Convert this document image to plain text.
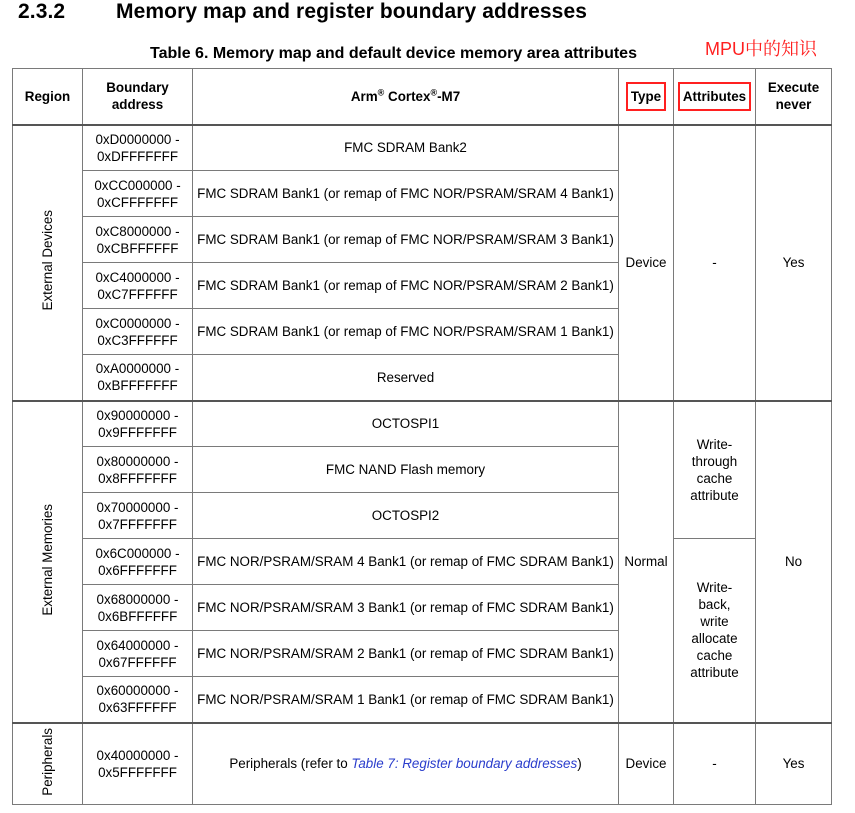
2.3.2 Memory map and register boundary addresses
Table 6. Memory map and default device memory area attributes	MPU中的知识
Region	Boundary address	Arm® Cortex®-M7	Type	Attributes	Execute never
External Devices	0xD0000000 -
0xDFFFFFFF	FMC SDRAM Bank2	Device	-	Yes
	0xCC000000 -
0xCFFFFFFF	FMC SDRAM Bank1 (or remap of FMC NOR/PSRAM/SRAM 4 Bank1)			
	0xC8000000 -
0xCBFFFFFF	FMC SDRAM Bank1 (or remap of FMC NOR/PSRAM/SRAM 3 Bank1)			
	0xC4000000 -
0xC7FFFFFF	FMC SDRAM Bank1 (or remap of FMC NOR/PSRAM/SRAM 2 Bank1)			
	0xC0000000 -
0xC3FFFFFF	FMC SDRAM Bank1 (or remap of FMC NOR/PSRAM/SRAM 1 Bank1)			
	0xA0000000 -
0xBFFFFFFF	Reserved			
External Memories	0x90000000 -
0x9FFFFFFF	OCTOSPI1	Normal	Write-through cache attribute	No
	0x80000000 -
0x8FFFFFFF	FMC NAND Flash memory			
	0x70000000 -
0x7FFFFFFF	OCTOSPI2			
	0x6C000000 -
0x6FFFFFFF	FMC NOR/PSRAM/SRAM 4 Bank1 (or remap of FMC SDRAM Bank1)		Write-back, write allocate cache attribute	
	0x68000000 -
0x6BFFFFFF	FMC NOR/PSRAM/SRAM 3 Bank1 (or remap of FMC SDRAM Bank1)			
	0x64000000 -
0x67FFFFFF	FMC NOR/PSRAM/SRAM 2 Bank1 (or remap of FMC SDRAM Bank1)			
	0x60000000 -
0x63FFFFFF	FMC NOR/PSRAM/SRAM 1 Bank1 (or remap of FMC SDRAM Bank1)			
Peripherals	0x40000000 -
0x5FFFFFFF	Peripherals (refer to Table 7: Register boundary addresses)	Device	-	Yes
